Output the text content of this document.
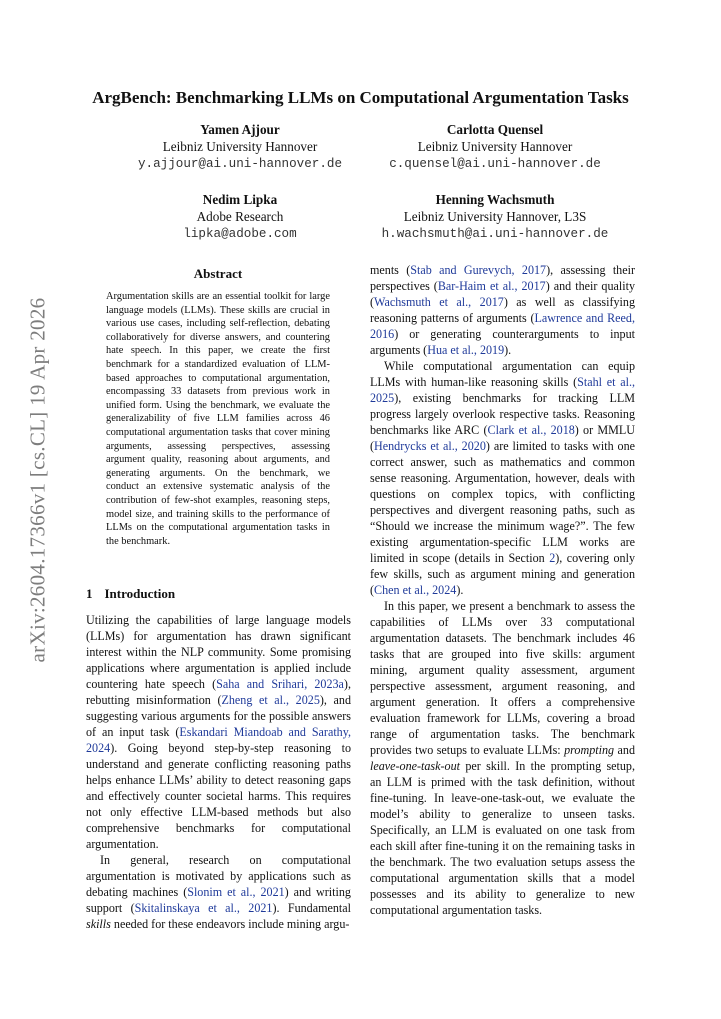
arXiv:2604.17366v1 [cs.CL] 19 Apr 2026
ArgBench: Benchmarking LLMs on Computational Argumentation Tasks
Yamen Ajjour
Leibniz University Hannover
y.ajjour@ai.uni-hannover.de
Carlotta Quensel
Leibniz University Hannover
c.quensel@ai.uni-hannover.de
Nedim Lipka
Adobe Research
lipka@adobe.com
Henning Wachsmuth
Leibniz University Hannover, L3S
h.wachsmuth@ai.uni-hannover.de
Abstract
Argumentation skills are an essential toolkit for large language models (LLMs). These skills are crucial in various use cases, including self-reflection, debating collaboratively for diverse answers, and countering hate speech. In this paper, we create the first benchmark for a standardized evaluation of LLM-based approaches to computational argumentation, encompassing 33 datasets from previous work in unified form. Using the benchmark, we evaluate the generalizability of five LLM families across 46 computational argumentation tasks that cover mining arguments, assessing perspectives, assessing argument quality, reasoning about arguments, and generating arguments. On the benchmark, we conduct an extensive systematic analysis of the contribution of few-shot examples, reasoning steps, model size, and training skills to the performance of LLMs on the computational argumentation tasks in the benchmark.
1 Introduction

Utilizing the capabilities of large language models (LLMs) for argumentation has drawn significant interest within the NLP community. Some promising applications where argumentation is applied include countering hate speech (Saha and Srihari, 2023a), rebutting misinformation (Zheng et al., 2025), and suggesting various arguments for the possible answers of an input task (Eskandari Miandoab and Sarathy, 2024). Going beyond step-by-step reasoning to understand and generate conflicting reasoning paths helps enhance LLMs’ ability to detect reasoning gaps and effectively counter societal harms. This requires not only effective LLM-based methods but also comprehensive benchmarks for computational argumentation.

In general, research on computational argumentation is motivated by applications such as debating machines (Slonim et al., 2021) and writing support (Skitalinskaya et al., 2021). Fundamental skills needed for these endeavors include mining argu-

ments (Stab and Gurevych, 2017), assessing their perspectives (Bar-Haim et al., 2017) and their quality (Wachsmuth et al., 2017) as well as classifying reasoning patterns of arguments (Lawrence and Reed, 2016) or generating counterarguments to input arguments (Hua et al., 2019).

While computational argumentation can equip LLMs with human-like reasoning skills (Stahl et al., 2025), existing benchmarks for tracking LLM progress largely overlook respective tasks. Reasoning benchmarks like ARC (Clark et al., 2018) or MMLU (Hendrycks et al., 2020) are limited to tasks with one correct answer, such as mathematics and common sense reasoning. Argumentation, however, deals with questions on complex topics, with conflicting perspectives and divergent reasoning paths, such as “Should we increase the minimum wage?”. The few existing argumentation-specific LLM works are limited in scope (details in Section 2), covering only few skills, such as argument mining and generation (Chen et al., 2024).

In this paper, we present a benchmark to assess the capabilities of LLMs over 33 computational argumentation datasets. The benchmark includes 46 tasks that are grouped into five skills: argument mining, argument quality assessment, argument perspective assessment, argument reasoning, and argument generation. It offers a comprehensive evaluation framework for LLMs, covering a broad range of argumentation tasks. The benchmark provides two setups to evaluate LLMs: prompting and leave-one-task-out per skill. In the prompting setup, an LLM is primed with the task definition, without fine-tuning. In leave-one-task-out, we evaluate the model’s ability to generalize to unseen tasks. Specifically, an LLM is evaluated on one task from each skill after fine-tuning it on the remaining tasks in the benchmark. The two evaluation setups assess the computational argumentation skills that a model possesses and its ability to generalize to new computational argumentation tasks.
